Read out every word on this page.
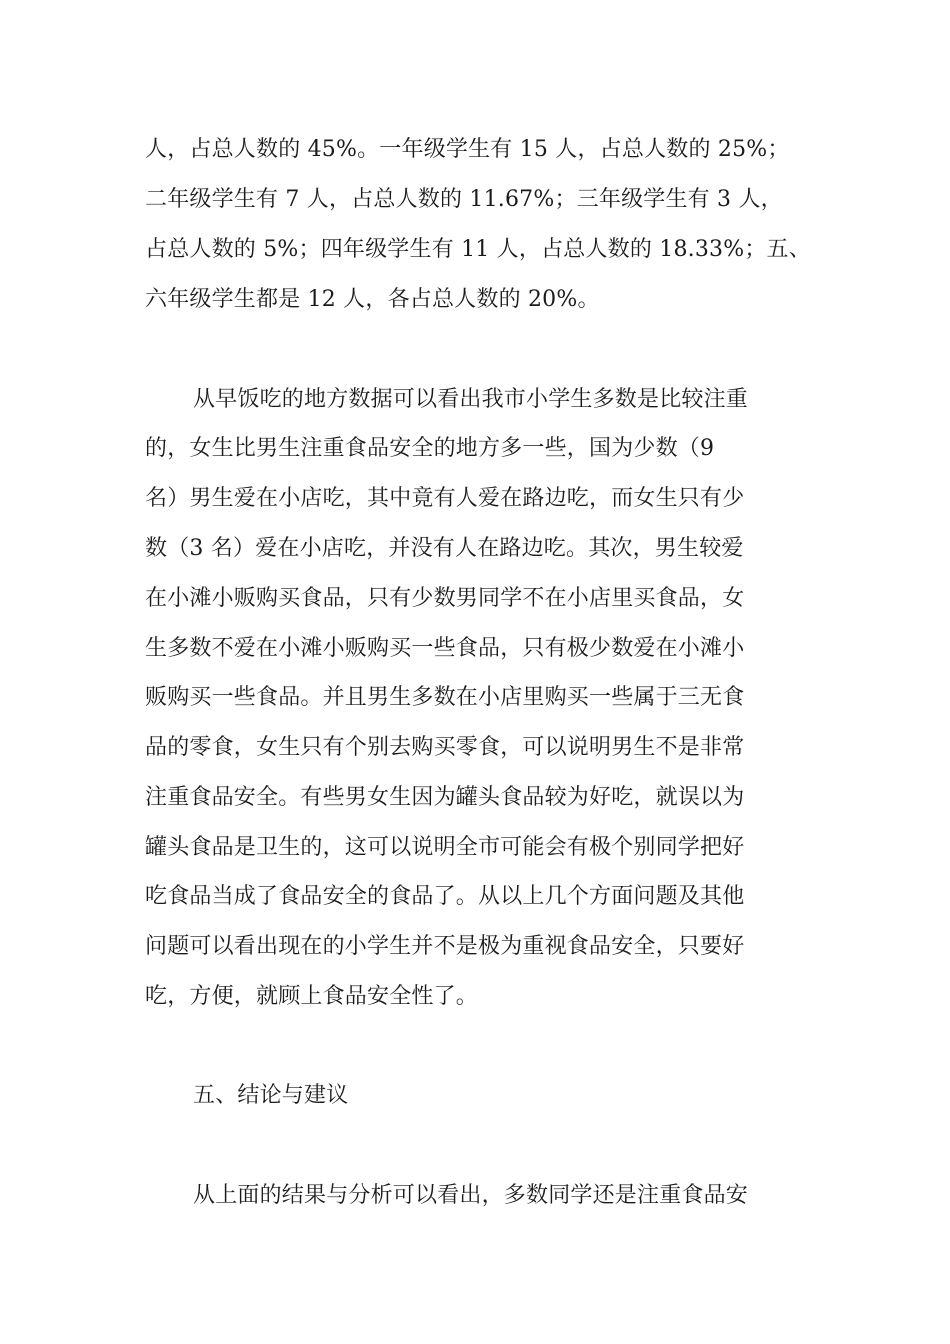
人，占总人数的 45%。一年级学生有 15 人，占总人数的 25%；
二年级学生有 7 人，占总人数的 11.67%；三年级学生有 3 人，
占总人数的 5%；四年级学生有 11 人，占总人数的 18.33%；五、
六年级学生都是 12 人，各占总人数的 20%。
从早饭吃的地方数据可以看出我市小学生多数是比较注重
的，女生比男生注重食品安全的地方多一些，国为少数（9
名）男生爱在小店吃，其中竟有人爱在路边吃，而女生只有少
数（3 名）爱在小店吃，并没有人在路边吃。其次，男生较爱
在小滩小贩购买食品，只有少数男同学不在小店里买食品，女
生多数不爱在小滩小贩购买一些食品，只有极少数爱在小滩小
贩购买一些食品。并且男生多数在小店里购买一些属于三无食
品的零食，女生只有个别去购买零食，可以说明男生不是非常
注重食品安全。有些男女生因为罐头食品较为好吃，就误以为
罐头食品是卫生的，这可以说明全市可能会有极个别同学把好
吃食品当成了食品安全的食品了。从以上几个方面问题及其他
问题可以看出现在的小学生并不是极为重视食品安全，只要好
吃，方便，就顾上食品安全性了。
五、结论与建议
从上面的结果与分析可以看出，多数同学还是注重食品安
